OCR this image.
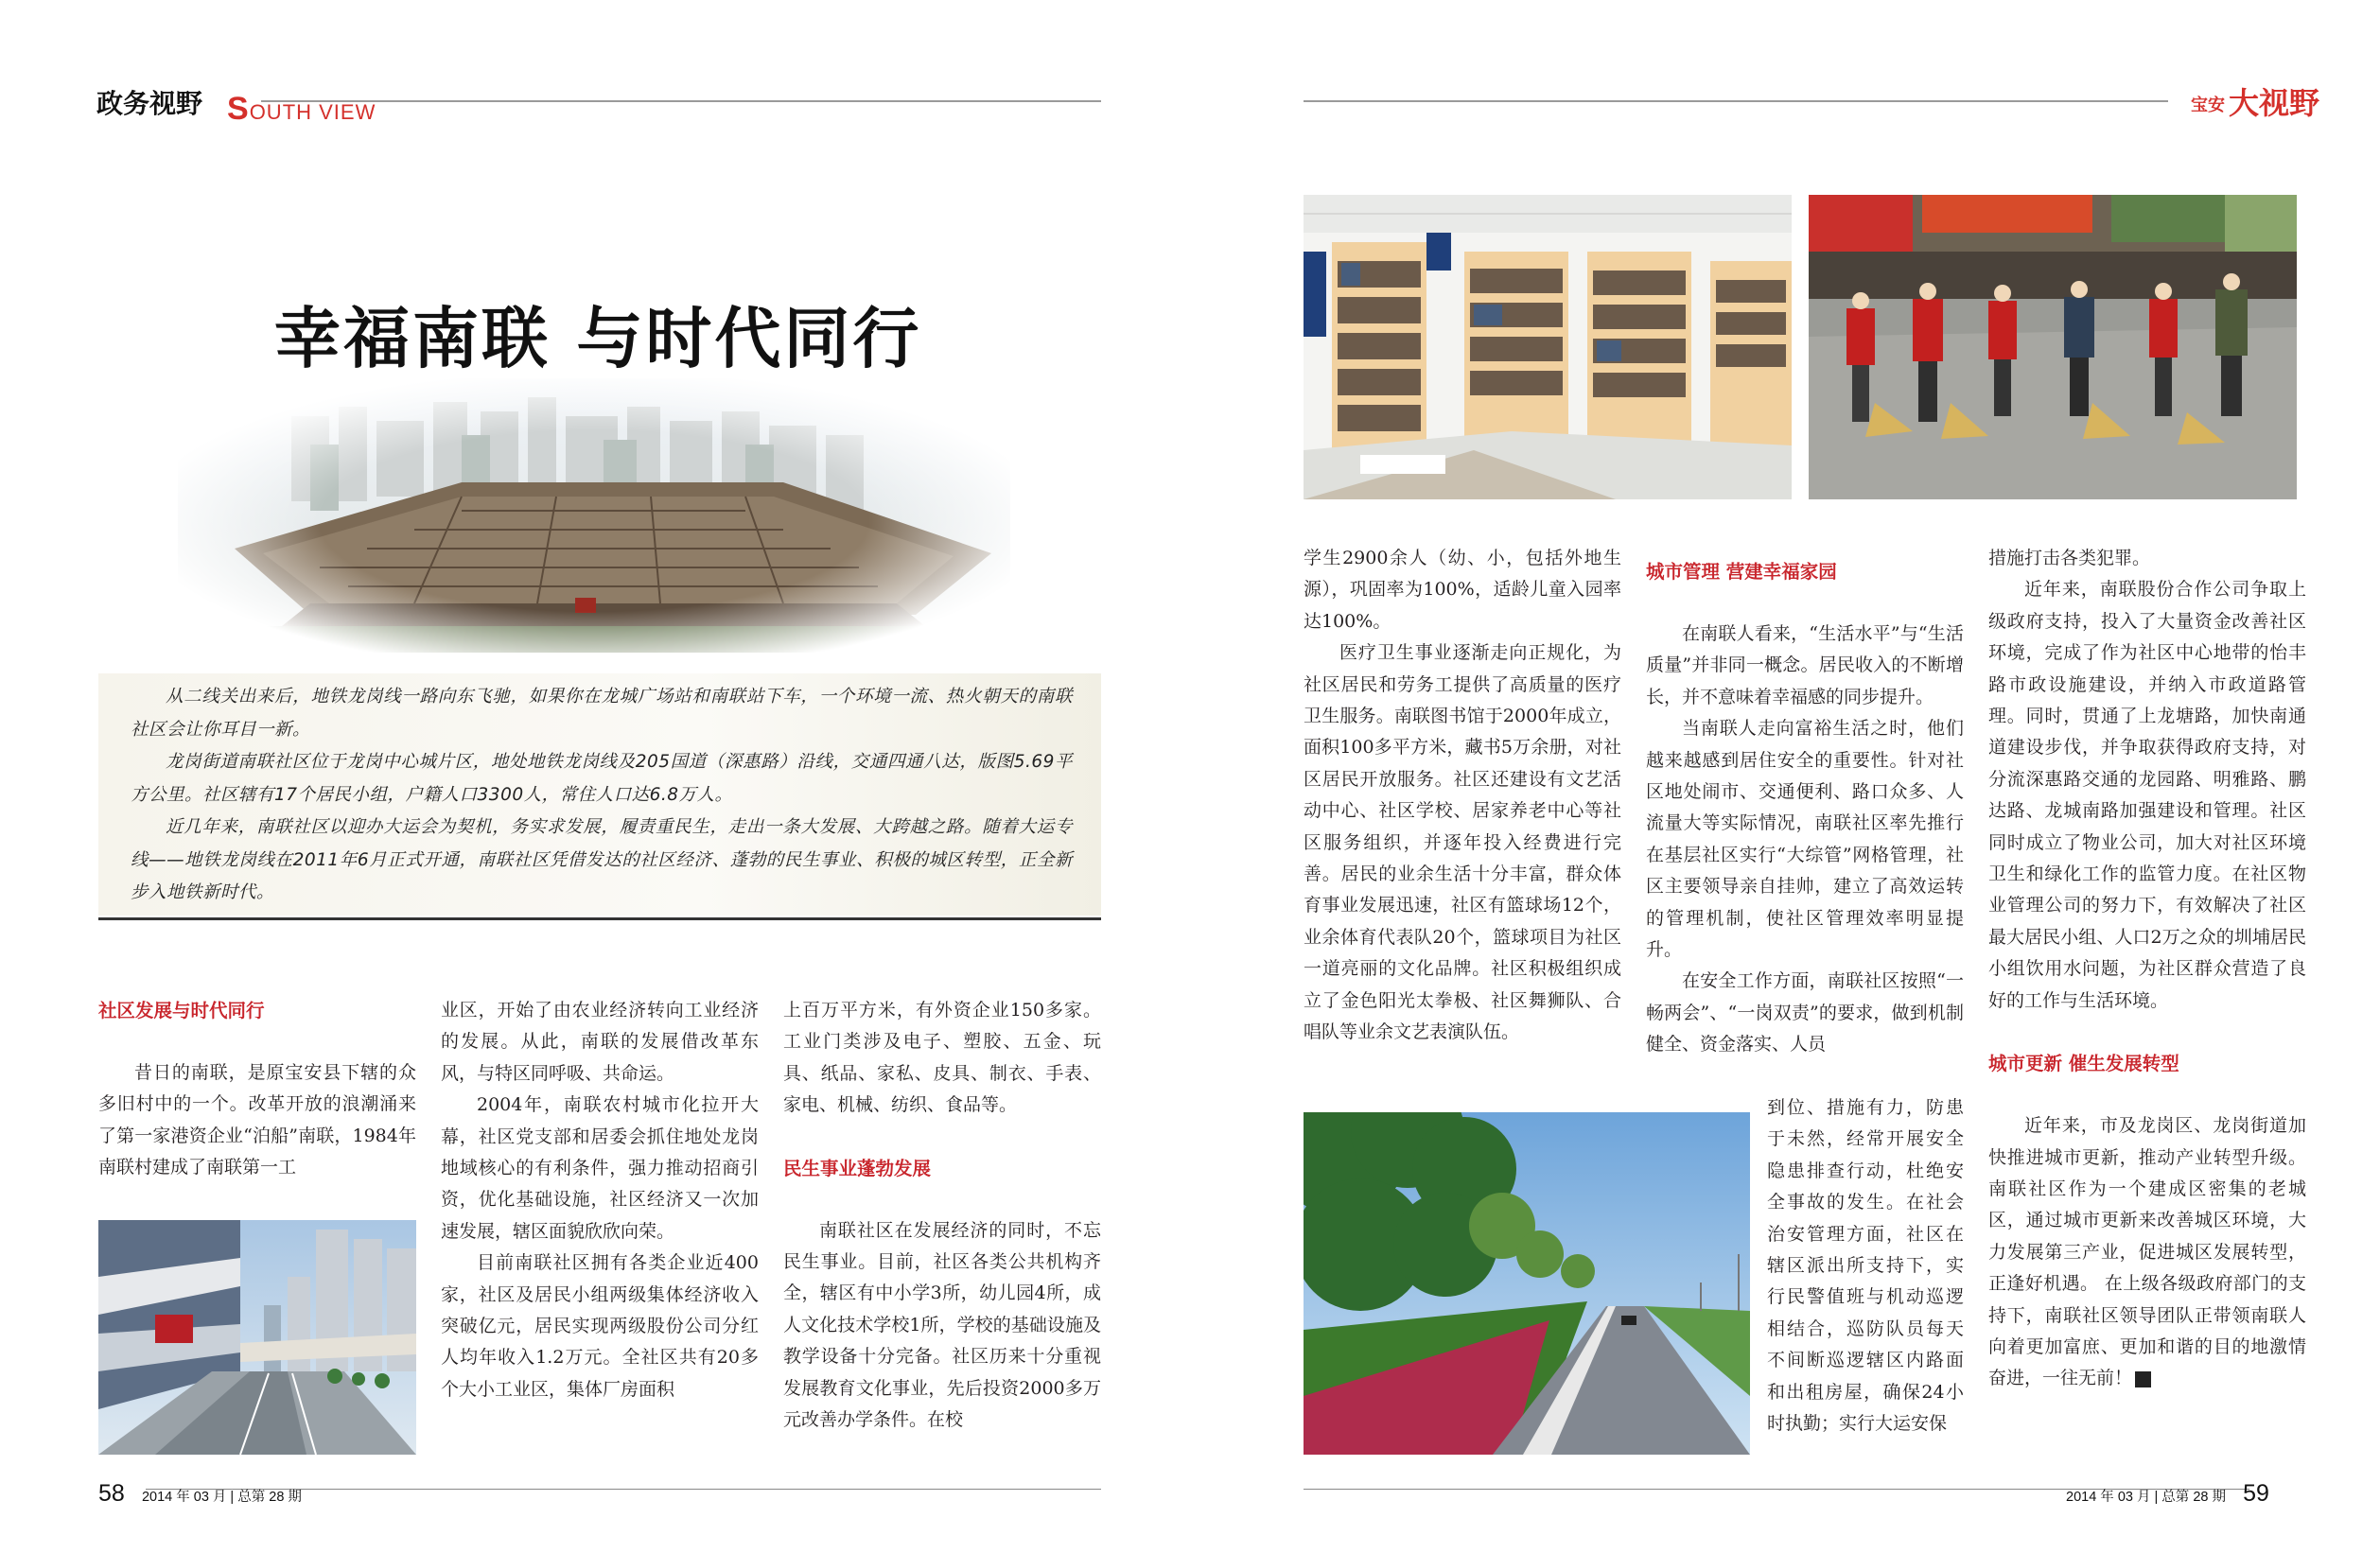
政务视野 SOUTH VIEW
幸福南联 与时代同行

从二线关出来后，地铁龙岗线一路向东飞驰，如果你在龙城广场站和南联站下车，一个环境一流、热火朝天的南联社区会让你耳目一新。

龙岗街道南联社区位于龙岗中心城片区，地处地铁龙岗线及205国道（深惠路）沿线，交通四通八达，版图5.69平方公里。社区辖有17个居民小组，户籍人口3300人，常住人口达6.8万人。

近几年来，南联社区以迎办大运会为契机，务实求发展，履责重民生，走出一条大发展、大跨越之路。随着大运专线——地铁龙岗线在2011年6月正式开通，南联社区凭借发达的社区经济、蓬勃的民生事业、积极的城区转型，正全新步入地铁新时代。

社区发展与时代同行

昔日的南联，是原宝安县下辖的众多旧村中的一个。改革开放的浪潮涌来了第一家港资企业“泊船”南联，1984年南联村建成了南联第一工

业区，开始了由农业经济转向工业经济的发展。从此，南联的发展借改革东风，与特区同呼吸、共命运。

2004年，南联农村城市化拉开大幕，社区党支部和居委会抓住地处龙岗地域核心的有利条件，强力推动招商引资，优化基础设施，社区经济又一次加速发展，辖区面貌欣欣向荣。

目前南联社区拥有各类企业近400家，社区及居民小组两级集体经济收入突破亿元，居民实现两级股份公司分红人均年收入1.2万元。全社区共有20多个大小工业区，集体厂房面积

上百万平方米，有外资企业150多家。工业门类涉及电子、塑胶、五金、玩具、纸品、家私、皮具、制衣、手表、家电、机械、纺织、食品等。

民生事业蓬勃发展

南联社区在发展经济的同时，不忘民生事业。目前，社区各类公共机构齐全，辖区有中小学3所，幼儿园4所，成人文化技术学校1所，学校的基础设施及教学设备十分完备。社区历来十分重视发展教育文化事业，先后投资2000多万元改善办学条件。在校

58 2014 年 03 月 | 总第 28 期
宝安 大视野

学生2900余人（幼、小，包括外地生源），巩固率为100%，适龄儿童入园率达100%。

医疗卫生事业逐渐走向正规化，为社区居民和劳务工提供了高质量的医疗卫生服务。南联图书馆于2000年成立，面积100多平方米，藏书5万余册，对社区居民开放服务。社区还建设有文艺活动中心、社区学校、居家养老中心等社区服务组织，并逐年投入经费进行完善。居民的业余生活十分丰富，群众体育事业发展迅速，社区有篮球场12个，业余体育代表队20个，篮球项目为社区一道亮丽的文化品牌。社区积极组织成立了金色阳光太拳极、社区舞狮队、合唱队等业余文艺表演队伍。

城市管理 营建幸福家园

在南联人看来，“生活水平”与“生活质量”并非同一概念。居民收入的不断增长，并不意味着幸福感的同步提升。

当南联人走向富裕生活之时，他们越来越感到居住安全的重要性。针对社区地处闹市、交通便利、路口众多、人流量大等实际情况，南联社区率先推行在基层社区实行“大综管”网格管理，社区主要领导亲自挂帅，建立了高效运转的管理机制，使社区管理效率明显提升。

在安全工作方面，南联社区按照“一畅两会”、“一岗双责”的要求，做到机制健全、资金落实、人员

到位、措施有力，防患于未然，经常开展安全隐患排查行动，杜绝安全事故的发生。在社会治安管理方面，社区在辖区派出所支持下，实行民警值班与机动巡逻相结合，巡防队员每天不间断巡逻辖区内路面和出租房屋，确保24小时执勤；实行大运安保

措施打击各类犯罪。

近年来，南联股份合作公司争取上级政府支持，投入了大量资金改善社区环境，完成了作为社区中心地带的怡丰路市政设施建设，并纳入市政道路管理。同时，贯通了上龙塘路，加快南通道建设步伐，并争取获得政府支持，对分流深惠路交通的龙园路、明雅路、鹏达路、龙城南路加强建设和管理。社区同时成立了物业公司，加大对社区环境卫生和绿化工作的监管力度。在社区物业管理公司的努力下，有效解决了社区最大居民小组、人口2万之众的圳埔居民小组饮用水问题，为社区群众营造了良好的工作与生活环境。

城市更新 催生发展转型

近年来，市及龙岗区、龙岗街道加快推进城市更新，推动产业转型升级。南联社区作为一个建成区密集的老城区，通过城市更新来改善城区环境，大力发展第三产业，促进城区发展转型，正逢好机遇。 在上级各级政府部门的支持下，南联社区领导团队正带领南联人向着更加富庶、更加和谐的目的地激情奋进，一往无前！	V

2014 年 03 月 | 总第 28 期 59
